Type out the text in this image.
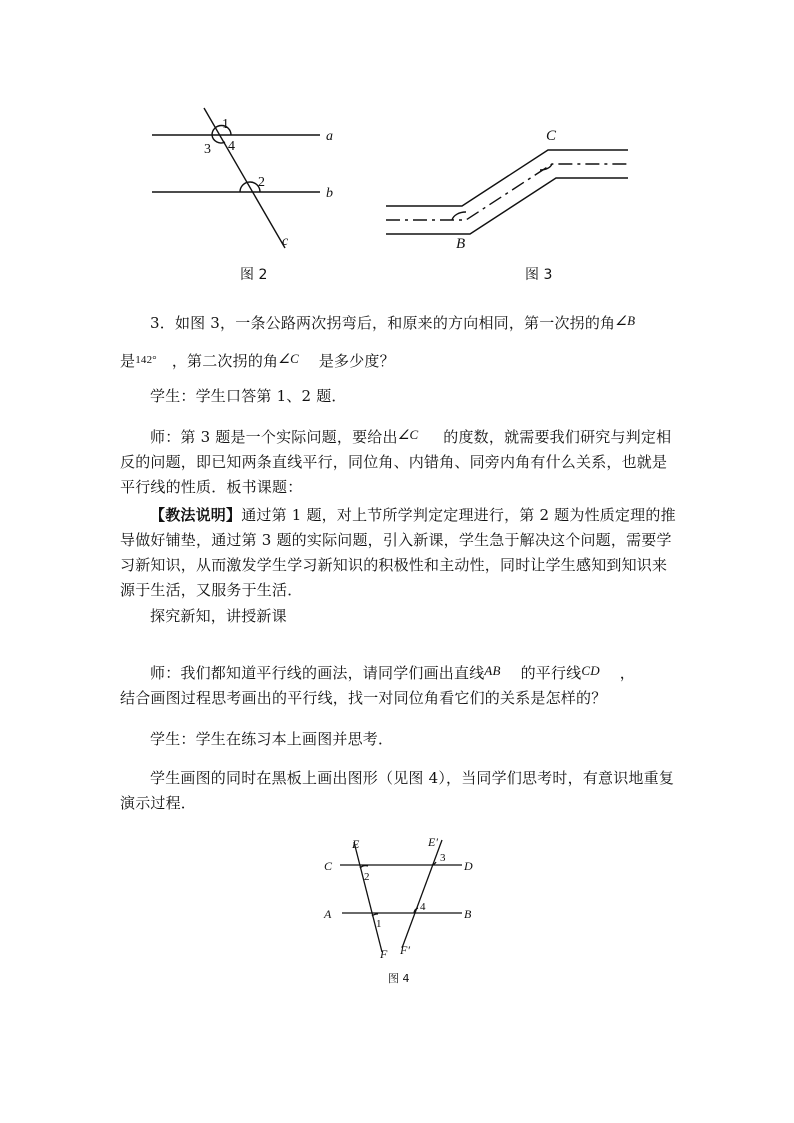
1
3 4
2
a
b
c
图 2
C
B
图 3
3．如图 3，一条公路两次拐弯后，和原来的方向相同，第一次拐的角∠B
是$^{142^\circ}$ ，第二次拐的角∠C 是多少度？
学生：学生口答第 1、2 题．
师：第 3 题是一个实际问题，要给出∠C 的度数，就需要我们研究与判定相反的问题，即已知两条直线平行，同位角、内错角、同旁内角有什么关系，也就是平行线的性质．板书课题：
【教法说明】通过第 1 题，对上节所学判定定理进行，第 2 题为性质定理的推导做好铺垫，通过第 3 题的实际问题，引入新课，学生急于解决这个问题，需要学习新知识，从而激发学生学习新知识的积极性和主动性，同时让学生感知到知识来源于生活，又服务于生活．
探究新知，讲授新课
师：我们都知道平行线的画法，请同学们画出直线AB 的平行线CD ，
结合画图过程思考画出的平行线，找一对同位角看它们的关系是怎样的？
学生：学生在练习本上画图并思考．
学生画图的同时在黑板上画出图形（见图 4），当同学们思考时，有意识地重复演示过程．
E	E′
C	D
A	B
F F′
2
1
3
4
图 4
